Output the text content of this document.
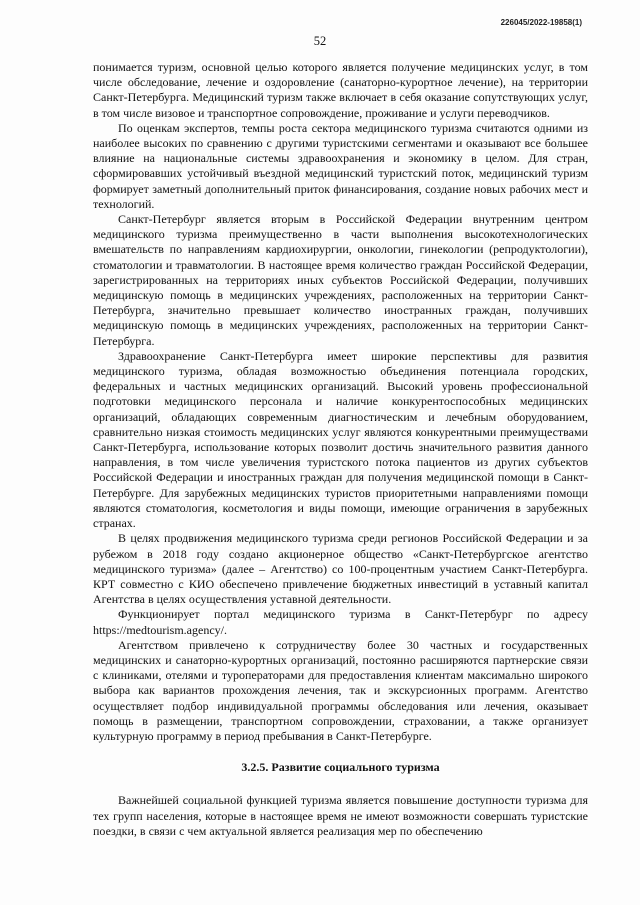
226045/2022-19858(1)
52

понимается туризм, основной целью которого является получение медицинских услуг, в том числе обследование, лечение и оздоровление (санаторно-курортное лечение), на территории Санкт-Петербурга. Медицинский туризм также включает в себя оказание сопутствующих услуг, в том числе визовое и транспортное сопровождение, проживание и услуги переводчиков.

По оценкам экспертов, темпы роста сектора медицинского туризма считаются одними из наиболее высоких по сравнению с другими туристскими сегментами и оказывают все большее влияние на национальные системы здравоохранения и экономику в целом. Для стран, сформировавших устойчивый въездной медицинский туристский поток, медицинский туризм формирует заметный дополнительный приток финансирования, создание новых рабочих мест и технологий.

Санкт-Петербург является вторым в Российской Федерации внутренним центром медицинского туризма преимущественно в части выполнения высокотехнологических вмешательств по направлениям кардиохирургии, онкологии, гинекологии (репродуктологии), стоматологии и травматологии. В настоящее время количество граждан Российской Федерации, зарегистрированных на территориях иных субъектов Российской Федерации, получивших медицинскую помощь в медицинских учреждениях, расположенных на территории Санкт-Петербурга, значительно превышает количество иностранных граждан, получивших медицинскую помощь в медицинских учреждениях, расположенных на территории Санкт-Петербурга.

Здравоохранение Санкт-Петербурга имеет широкие перспективы для развития медицинского туризма, обладая возможностью объединения потенциала городских, федеральных и частных медицинских организаций. Высокий уровень профессиональной подготовки медицинского персонала и наличие конкурентоспособных медицинских организаций, обладающих современным диагностическим и лечебным оборудованием, сравнительно низкая стоимость медицинских услуг являются конкурентными преимуществами Санкт-Петербурга, использование которых позволит достичь значительного развития данного направления, в том числе увеличения туристского потока пациентов из других субъектов Российской Федерации и иностранных граждан для получения медицинской помощи в Санкт-Петербурге. Для зарубежных медицинских туристов приоритетными направлениями помощи являются стоматология, косметология и виды помощи, имеющие ограничения в зарубежных странах.

В целях продвижения медицинского туризма среди регионов Российской Федерации и за рубежом в 2018 году создано акционерное общество «Санкт-Петербургское агентство медицинского туризма» (далее – Агентство) со 100-процентным участием Санкт-Петербурга. КРТ совместно с КИО обеспечено привлечение бюджетных инвестиций в уставный капитал Агентства в целях осуществления уставной деятельности.

Функционирует портал медицинского туризма в Санкт-Петербург по адресу https://medtourism.agency/.

Агентством привлечено к сотрудничеству более 30 частных и государственных медицинских и санаторно-курортных организаций, постоянно расширяются партнерские связи с клиниками, отелями и туроператорами для предоставления клиентам максимально широкого выбора как вариантов прохождения лечения, так и экскурсионных программ. Агентство осуществляет подбор индивидуальной программы обследования или лечения, оказывает помощь в размещении, транспортном сопровождении, страховании, а также организует культурную программу в период пребывания в Санкт-Петербурге.

3.2.5. Развитие социального туризма

Важнейшей социальной функцией туризма является повышение доступности туризма для тех групп населения, которые в настоящее время не имеют возможности совершать туристские поездки, в связи с чем актуальной является реализация мер по обеспечению
